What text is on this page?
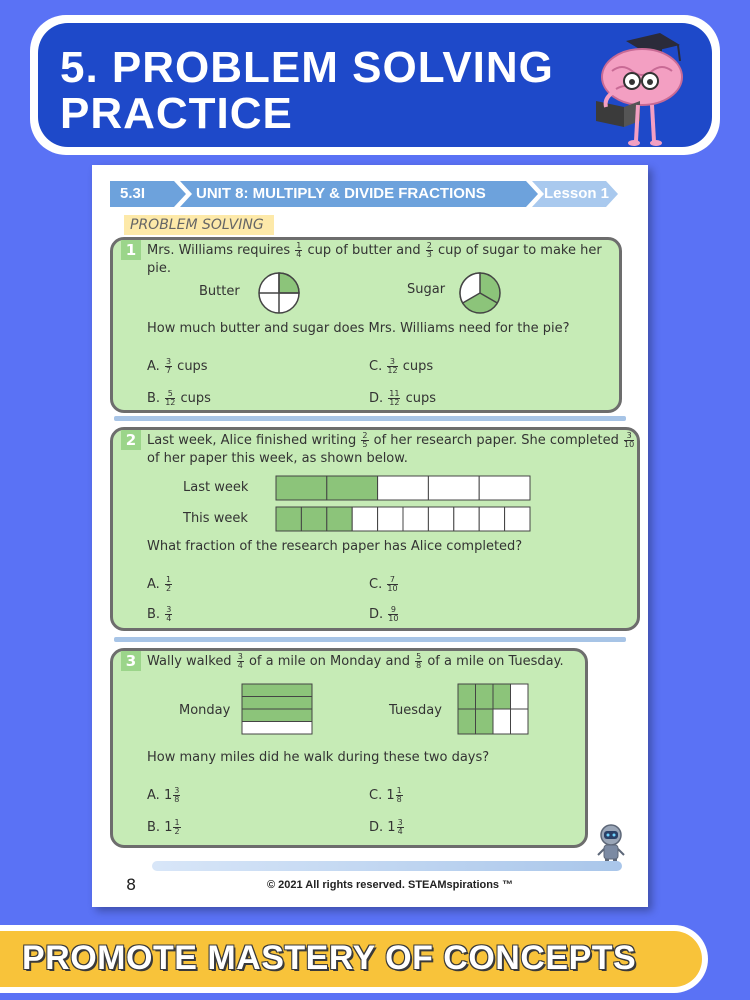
5. PROBLEM SOLVING
PRACTICE
5.3I	UNIT 8: MULTIPLY & DIVIDE FRACTIONS	Lesson 1
PROBLEM SOLVING
1 Mrs. Williams requires $\frac{1}{4}$ cup of butter and $\frac{2}{3}$ cup of sugar to make her
pie.
Butter	Sugar
How much butter and sugar does Mrs. Williams need for the pie?
A. $\frac{3}{7}$ cups	C. $\frac{3}{12}$ cups
B. $\frac{5}{12}$ cups	D. $\frac{11}{12}$ cups
2 Last week, Alice finished writing $\frac{2}{5}$ of her research paper. She completed $\frac{3}{10}$

of her paper this week, as shown below.
Last week
This week
What fraction of the research paper has Alice completed?
A. $\frac{1}{2}$	C. $\frac{7}{10}$
B. $\frac{3}{4}$	D. $\frac{9}{10}$
3 Wally walked $\frac{3}{4}$ of a mile on Monday and $\frac{5}{8}$ of a mile on Tuesday.
Monday	Tuesday
How many miles did he walk during these two days?
A. $1 \frac{3}{8}$	C. $1 \frac{1}{8}$
B. $1 \frac{1}{2}$	D. $1 \frac{3}{4}$
8	© 2021 All rights reserved. STEAMspirations ™
PROMOTE MASTERY OF CONCEPTS
